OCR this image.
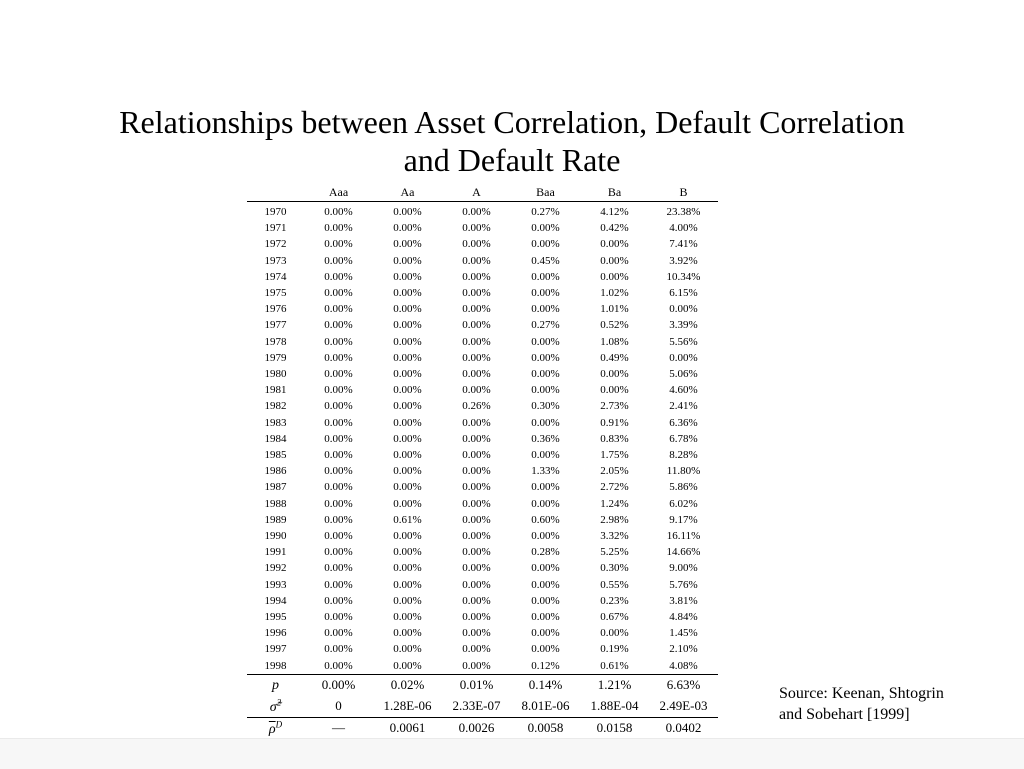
Relationships between Asset Correlation, Default Correlation
and Default Rate
	Aaa	Aa	A	Baa	Ba	B
1970	0.00%	0.00%	0.00%	0.27%	4.12%	23.38%
1971	0.00%	0.00%	0.00%	0.00%	0.42%	4.00%
1972	0.00%	0.00%	0.00%	0.00%	0.00%	7.41%
1973	0.00%	0.00%	0.00%	0.45%	0.00%	3.92%
1974	0.00%	0.00%	0.00%	0.00%	0.00%	10.34%
1975	0.00%	0.00%	0.00%	0.00%	1.02%	6.15%
1976	0.00%	0.00%	0.00%	0.00%	1.01%	0.00%
1977	0.00%	0.00%	0.00%	0.27%	0.52%	3.39%
1978	0.00%	0.00%	0.00%	0.00%	1.08%	5.56%
1979	0.00%	0.00%	0.00%	0.00%	0.49%	0.00%
1980	0.00%	0.00%	0.00%	0.00%	0.00%	5.06%
1981	0.00%	0.00%	0.00%	0.00%	0.00%	4.60%
1982	0.00%	0.00%	0.26%	0.30%	2.73%	2.41%
1983	0.00%	0.00%	0.00%	0.00%	0.91%	6.36%
1984	0.00%	0.00%	0.00%	0.36%	0.83%	6.78%
1985	0.00%	0.00%	0.00%	0.00%	1.75%	8.28%
1986	0.00%	0.00%	0.00%	1.33%	2.05%	11.80%
1987	0.00%	0.00%	0.00%	0.00%	2.72%	5.86%
1988	0.00%	0.00%	0.00%	0.00%	1.24%	6.02%
1989	0.00%	0.61%	0.00%	0.60%	2.98%	9.17%
1990	0.00%	0.00%	0.00%	0.00%	3.32%	16.11%
1991	0.00%	0.00%	0.00%	0.28%	5.25%	14.66%
1992	0.00%	0.00%	0.00%	0.00%	0.30%	9.00%
1993	0.00%	0.00%	0.00%	0.00%	0.55%	5.76%
1994	0.00%	0.00%	0.00%	0.00%	0.23%	3.81%
1995	0.00%	0.00%	0.00%	0.00%	0.67%	4.84%
1996	0.00%	0.00%	0.00%	0.00%	0.00%	1.45%
1997	0.00%	0.00%	0.00%	0.00%	0.19%	2.10%
1998	0.00%	0.00%	0.00%	0.12%	0.61%	4.08%
p	0.00%	0.02%	0.01%	0.14%	1.21%	6.63%
σ̃$^2$	0	1.28E-06	2.33E-07	8.01E-06	1.88E-04	2.49E-03
$\overline{\rho}^D$	—	0.0061	0.0026	0.0058	0.0158	0.0402
Source: Keenan, Shtogrin
and Sobehart [1999]
